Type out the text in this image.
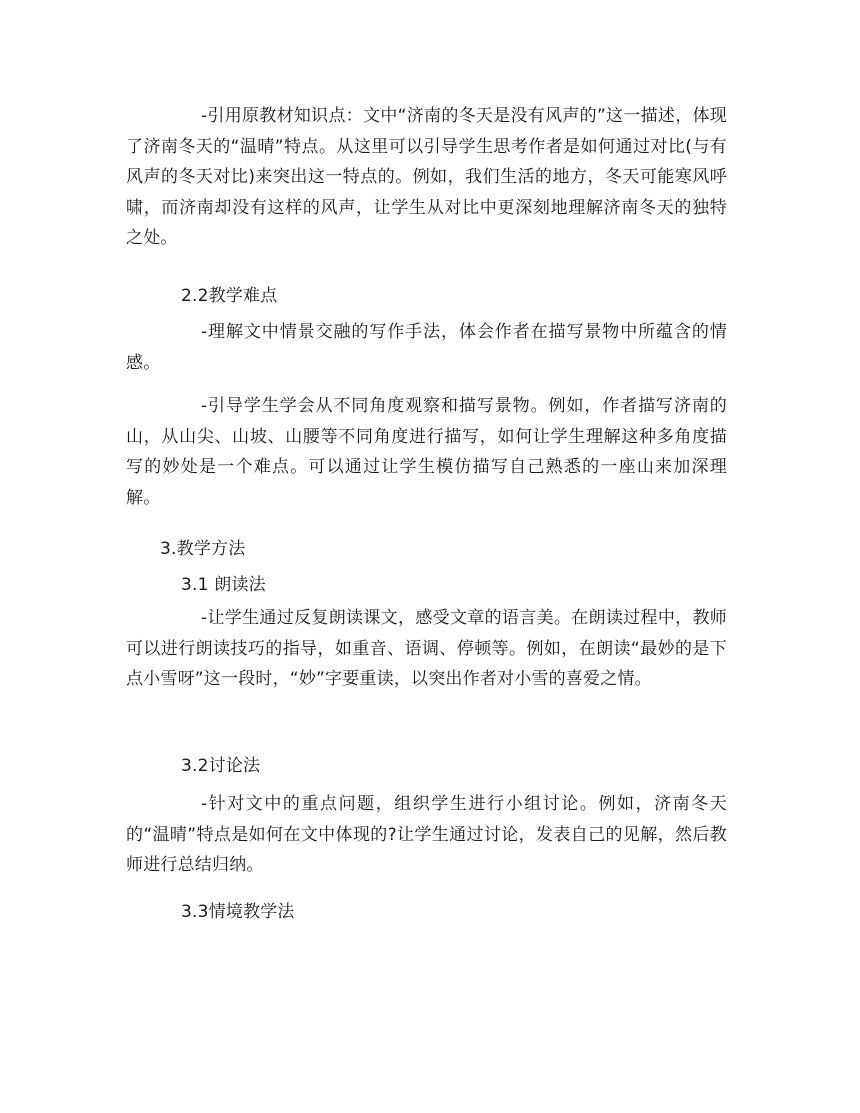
-引用原教材知识点：文中“济南的冬天是没有风声的”这一描述，体现了济南冬天的“温晴”特点。从这里可以引导学生思考作者是如何通过对比(与有风声的冬天对比)来突出这一特点的。例如，我们生活的地方，冬天可能寒风呼啸，而济南却没有这样的风声，让学生从对比中更深刻地理解济南冬天的独特之处。

2.2教学难点

-理解文中情景交融的写作手法，体会作者在描写景物中所蕴含的情感。

-引导学生学会从不同角度观察和描写景物。例如，作者描写济南的山，从山尖、山坡、山腰等不同角度进行描写，如何让学生理解这种多角度描写的妙处是一个难点。可以通过让学生模仿描写自己熟悉的一座山来加深理解。

3.教学方法

3.1 朗读法

-让学生通过反复朗读课文，感受文章的语言美。在朗读过程中，教师可以进行朗读技巧的指导，如重音、语调、停顿等。例如，在朗读“最妙的是下点小雪呀”这一段时，“妙”字要重读，以突出作者对小雪的喜爱之情。

3.2讨论法

-针对文中的重点问题，组织学生进行小组讨论。例如，济南冬天的“温晴”特点是如何在文中体现的?让学生通过讨论，发表自己的见解，然后教师进行总结归纳。

3.3情境教学法
